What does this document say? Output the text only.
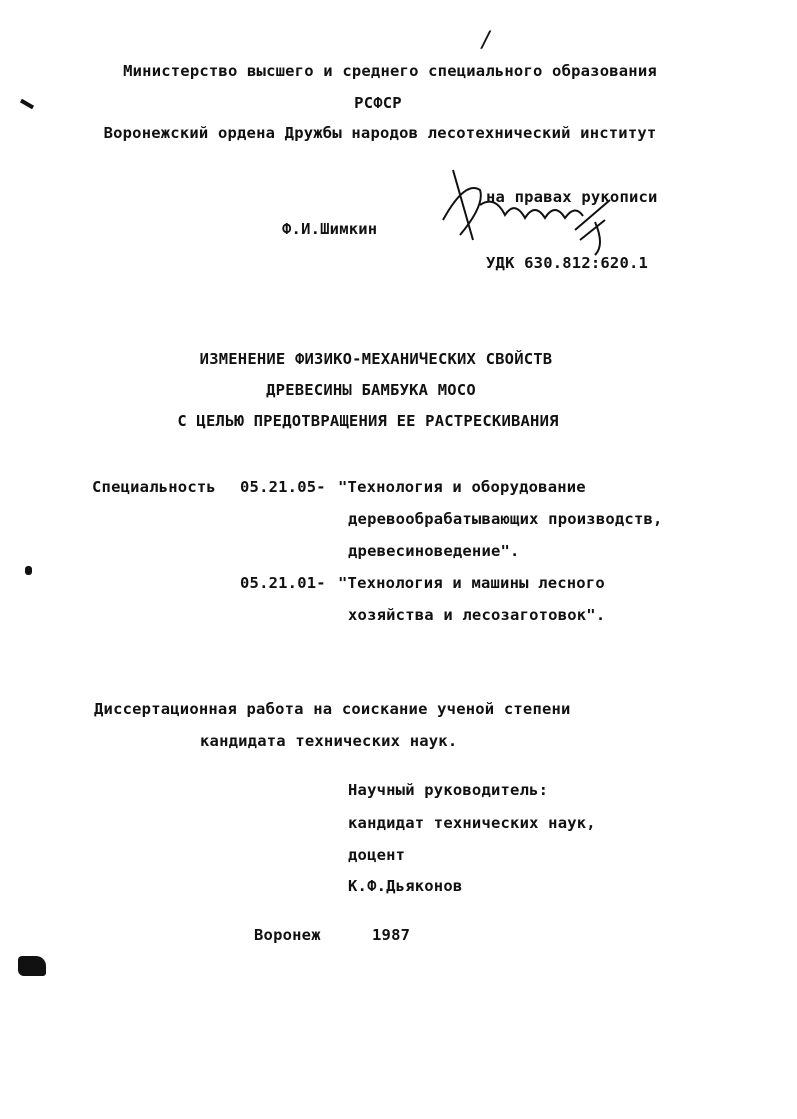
/
Министерство высшего и среднего специального образования
РСФСР
Воронежский ордена Дружбы народов лесотехнический институт
на правах рукописи
Ф.И.Шимкин
УДК 630.812:620.1
ИЗМЕНЕНИЕ ФИЗИКО-МЕХАНИЧЕСКИХ СВОЙСТВ
ДРЕВЕСИНЫ БАМБУКА МОСО
С ЦЕЛЬЮ ПРЕДОТВРАЩЕНИЯ ЕЕ РАСТРЕСКИВАНИЯ
Специальность 05.21.05- "Технология и оборудование
деревообрабатывающих производств,
древесиноведение".
05.21.01- "Технология и машины лесного
хозяйства и лесозаготовок".
Диссертационная работа на соискание ученой степени
кандидата технических наук.
Научный руководитель:
кандидат технических наук,
доцент
К.Ф.Дьяконов
Воронеж	1987
